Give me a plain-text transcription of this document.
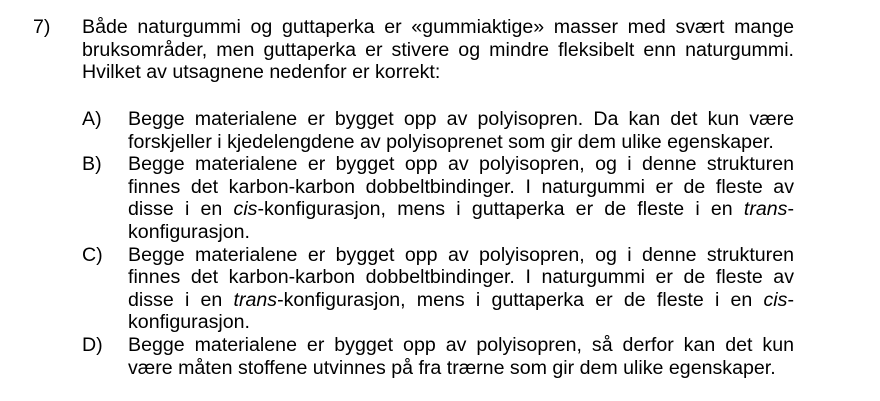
7) Både naturgummi og guttaperka er «gummiaktige» masser med svært mange
bruksområder, men guttaperka er stivere og mindre fleksibelt enn naturgummi.
Hvilket av utsagnene nedenfor er korrekt:
A) Begge materialene er bygget opp av polyisopren. Da kan det kun være
forskjeller i kjedelengdene av polyisoprenet som gir dem ulike egenskaper.
B) Begge materialene er bygget opp av polyisopren, og i denne strukturen
finnes det karbon-karbon dobbeltbindinger. I naturgummi er de fleste av
disse i en cis-konfigurasjon, mens i guttaperka er de fleste i en trans-
konfigurasjon.
C) Begge materialene er bygget opp av polyisopren, og i denne strukturen
finnes det karbon-karbon dobbeltbindinger. I naturgummi er de fleste av
disse i en trans-konfigurasjon, mens i guttaperka er de fleste i en cis-
konfigurasjon.
D) Begge materialene er bygget opp av polyisopren, så derfor kan det kun
være måten stoffene utvinnes på fra trærne som gir dem ulike egenskaper.
